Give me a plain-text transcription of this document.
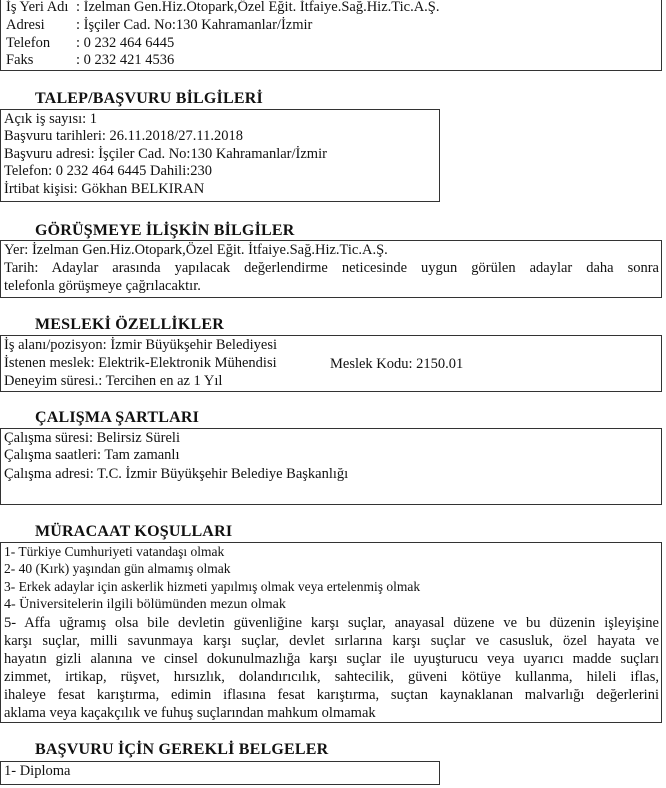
İş Yeri Adı : İzelman Gen.Hiz.Otopark,Özel Eğit. İtfaiye.Sağ.Hiz.Tic.A.Ş.
Adresi : İşçiler Cad. No:130 Kahramanlar/İzmir
Telefon : 0 232 464 6445
Faks	: 0 232 421 4536
TALEP/BAŞVURU BİLGİLERİ
Açık iş sayısı: 1
Başvuru tarihleri: 26.11.2018/27.11.2018
Başvuru adresi: İşçiler Cad. No:130 Kahramanlar/İzmir
Telefon: 0 232 464 6445 Dahili:230
İrtibat kişisi: Gökhan BELKIRAN
GÖRÜŞMEYE İLİŞKİN BİLGİLER
Yer: İzelman Gen.Hiz.Otopark,Özel Eğit. İtfaiye.Sağ.Hiz.Tic.A.Ş.
Tarih: Adaylar arasında yapılacak değerlendirme neticesinde uygun görülen adaylar daha sonra
telefonla görüşmeye çağrılacaktır.
MESLEKİ ÖZELLİKLER
İş alanı/pozisyon: İzmir Büyükşehir Belediyesi
İstenen meslek: Elektrik-Elektronik Mühendisi	Meslek Kodu: 2150.01
Deneyim süresi.: Tercihen en az 1 Yıl
ÇALIŞMA ŞARTLARI
Çalışma süresi: Belirsiz Süreli
Çalışma saatleri: Tam zamanlı
Çalışma adresi: T.C. İzmir Büyükşehir Belediye Başkanlığı
MÜRACAAT KOŞULLARI
1- Türkiye Cumhuriyeti vatandaşı olmak
2- 40 (Kırk) yaşından gün almamış olmak
3- Erkek adaylar için askerlik hizmeti yapılmış olmak veya ertelenmiş olmak
4- Üniversitelerin ilgili bölümünden mezun olmak
5- Affa uğramış olsa bile devletin güvenliğine karşı suçlar, anayasal düzene ve bu düzenin işleyişine
karşı suçlar, milli savunmaya karşı suçlar, devlet sırlarına karşı suçlar ve casusluk, özel hayata ve
hayatın gizli alanına ve cinsel dokunulmazlığa karşı suçlar ile uyuşturucu veya uyarıcı madde suçları
zimmet, irtikap, rüşvet, hırsızlık, dolandırıcılık, sahtecilik, güveni kötüye kullanma, hileli iflas,
ihaleye fesat karıştırma, edimin iflasına fesat karıştırma, suçtan kaynaklanan malvarlığı değerlerini
aklama veya kaçakçılık ve fuhuş suçlarından mahkum olmamak
BAŞVURU İÇİN GEREKLİ BELGELER
1- Diploma
